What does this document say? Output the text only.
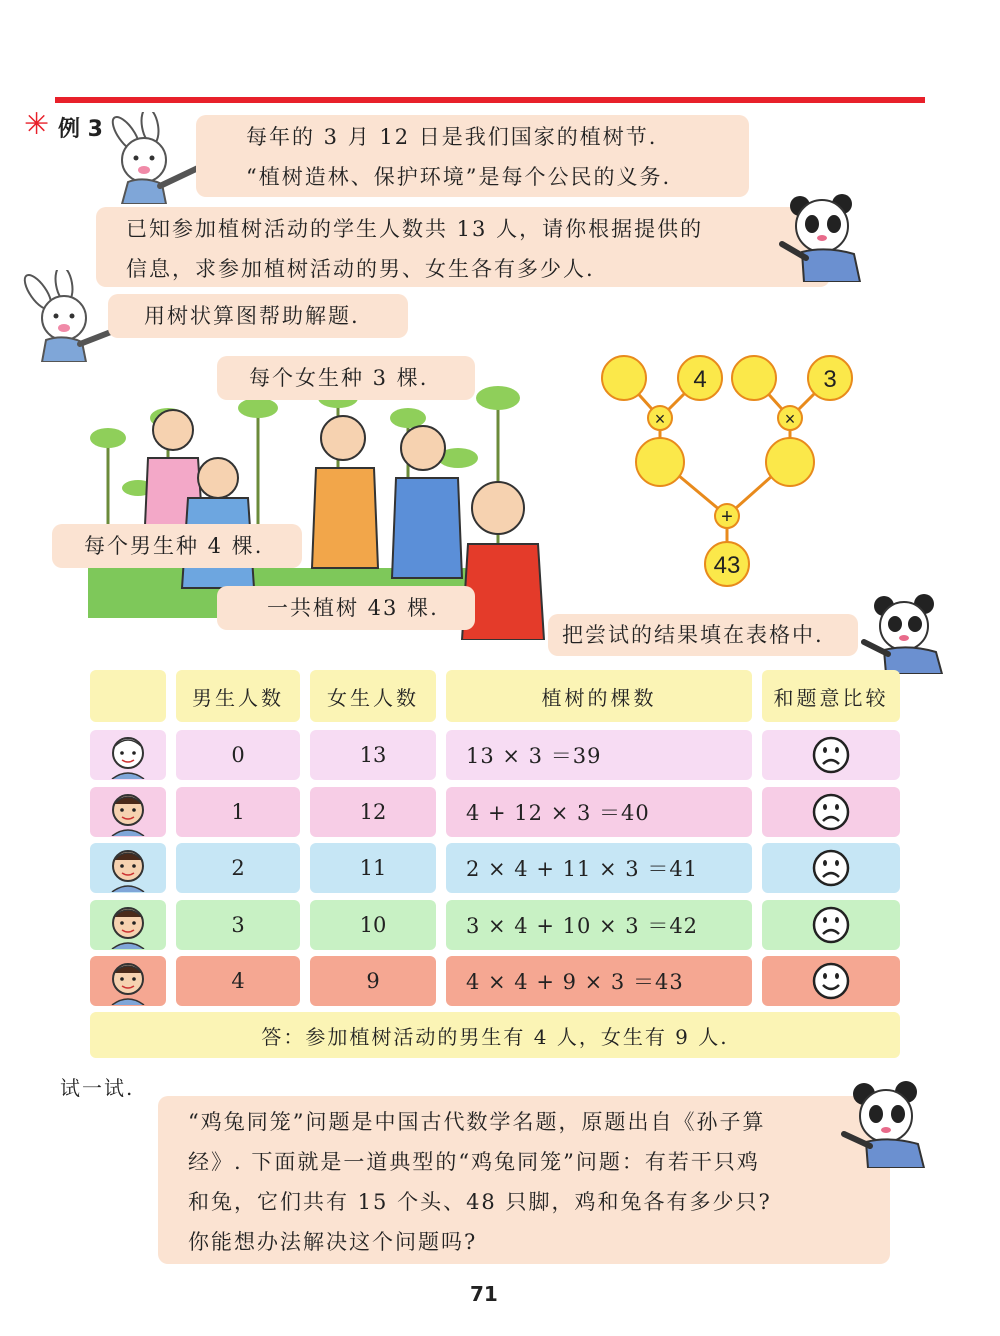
✳ 例 3	每年的 3 月 12 日是我们国家的植树节.
“植树造林、保护环境”是每个公民的义务.
已知参加植树活动的学生人数共 13 人，请你根据提供的
信息，求参加植树活动的男、女生各有多少人.
用树状算图帮助解题.
每个女生种 3 棵.
每个男生种 4 棵.
一共植树 43 棵.
4	3
×	×
+
43
把尝试的结果填在表格中.
男生人数	女生人数	植树的棵数	和题意比较
0	13	13 × 3 ＝39
1	12	4 + 12 × 3 ＝40
2	11	2 × 4 + 11 × 3 ＝41
3	10	3 × 4 + 10 × 3 ＝42
4	9	4 × 4 + 9 × 3 ＝43
答：参加植树活动的男生有 4 人，女生有 9 人.
试一试.
“鸡兔同笼”问题是中国古代数学名题，原题出自《孙子算
经》. 下面就是一道典型的“鸡兔同笼”问题：有若干只鸡
和兔，它们共有 15 个头、48 只脚，鸡和兔各有多少只?
你能想办法解决这个问题吗?
71
